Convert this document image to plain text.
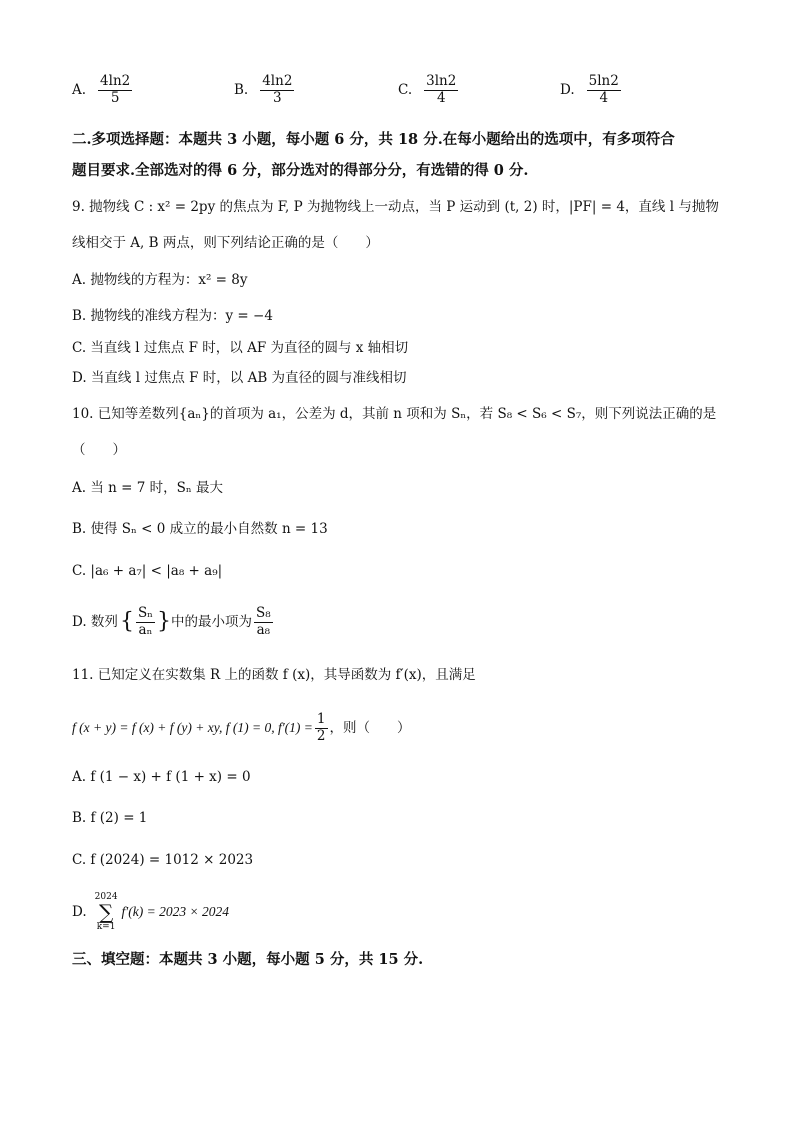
A. $\frac{4\ln 2}{5}$	B. $\frac{4\ln 2}{3}$	C. $\frac{3\ln 2}{4}$	D. $\frac{5\ln 2}{4}$
二.多项选择题：本题共 3 小题，每小题 6 分，共 18 分.在每小题给出的选项中，有多项符合
题目要求.全部选对的得 6 分，部分选对的得部分分，有选错的得 0 分.
9. 抛物线 C : x² = 2py 的焦点为 F, P 为抛物线上一动点，当 P 运动到 (t, 2) 时，|PF| = 4，直线 l 与抛物
线相交于 A, B 两点，则下列结论正确的是（　　）
A. 抛物线的方程为：x² = 8y
B. 抛物线的准线方程为：y = −4
C. 当直线 l 过焦点 F 时，以 AF 为直径的圆与 x 轴相切
D. 当直线 l 过焦点 F 时，以 AB 为直径的圆与准线相切
10. 已知等差数列{aₙ}的首项为 a₁，公差为 d，其前 n 项和为 Sₙ，若 S₈ < S₆ < S₇，则下列说法正确的是
（　　）
A. 当 n = 7 时，Sₙ 最大
B. 使得 Sₙ < 0 成立的最小自然数 n = 13
C. |a₆ + a₇| < |a₈ + a₉|
D. 数列 { $\frac{\text{Sₙ}}{\text{aₙ}}$ } 中的最小项为 $\frac{\text{S₈}}{\text{a₈}}$
11. 已知定义在实数集 R 上的函数 f (x)，其导函数为 f′(x)，且满足
f (x + y) = f (x) + f (y) + xy, f (1) = 0, $f'(1) = \frac{1}{2}$ ，则（　　）
A. f (1 − x) + f (1 + x) = 0
B. f (2) = 1
C. f (2024) = 1012 × 2023
D.
2024
∑
k=1
f′(k) = 2023 × 2024
三、填空题：本题共 3 小题，每小题 5 分，共 15 分.
